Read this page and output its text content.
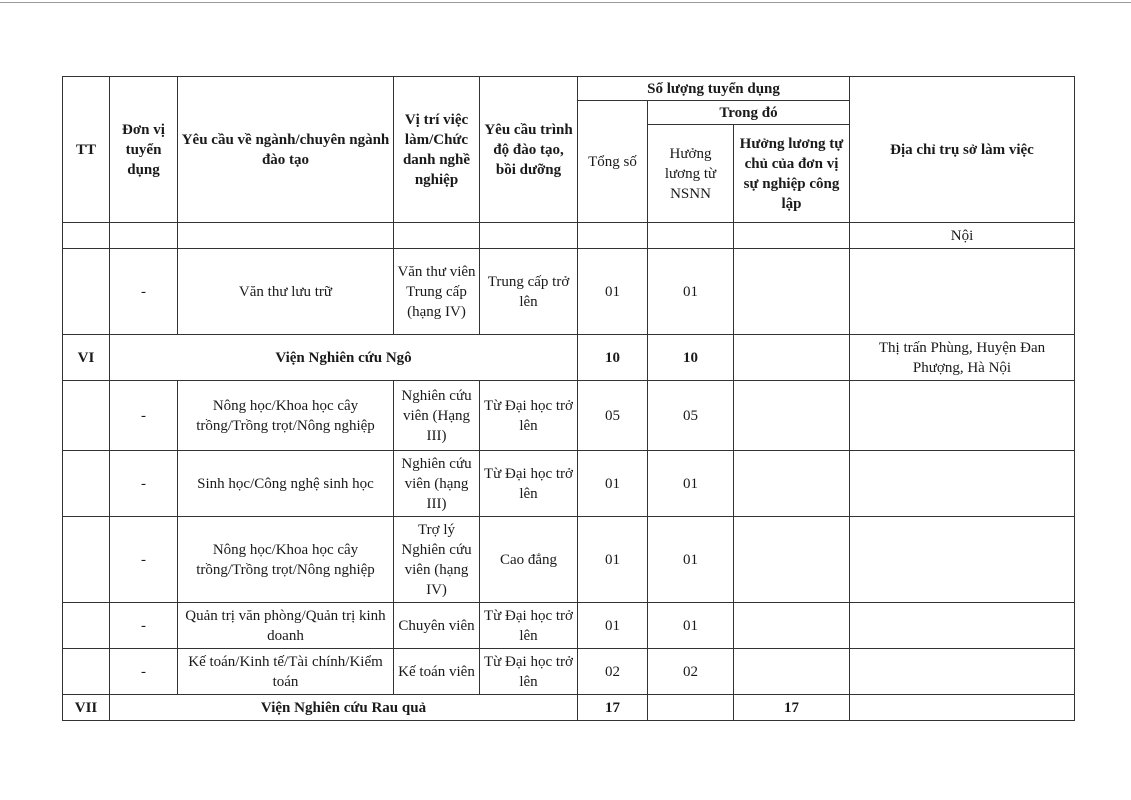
TT	Đơn vị tuyển dụng	Yêu cầu về ngành/chuyên ngành đào tạo	Vị trí việc làm/Chức danh nghề nghiệp	Yêu cầu trình độ đào tạo, bồi dưỡng	Số lượng tuyển dụng			Địa chỉ trụ sở làm việc
					Tổng số	Trong đó		
						Hưởng lương từ NSNN	Hưởng lương tự chủ của đơn vị sự nghiệp công lập	
								Nội
	-	Văn thư lưu trữ	Văn thư viên Trung cấp (hạng IV)	Trung cấp trở lên	01	01		
VI	Viện Nghiên cứu Ngô				10	10		Thị trấn Phùng, Huyện Đan Phượng, Hà Nội
	-	Nông học/Khoa học cây trồng/Trồng trọt/Nông nghiệp	Nghiên cứu viên (Hạng III)	Từ Đại học trở lên	05	05		
	-	Sinh học/Công nghệ sinh học	Nghiên cứu viên (hạng III)	Từ Đại học trở lên	01	01		
	-	Nông học/Khoa học cây trồng/Trồng trọt/Nông nghiệp	Trợ lý Nghiên cứu viên (hạng IV)	Cao đẳng	01	01		
	-	Quản trị văn phòng/Quản trị kinh doanh	Chuyên viên	Từ Đại học trở lên	01	01		
	-	Kế toán/Kinh tế/Tài chính/Kiểm toán	Kế toán viên	Từ Đại học trở lên	02	02		
VII	Viện Nghiên cứu Rau quả				17		17	
